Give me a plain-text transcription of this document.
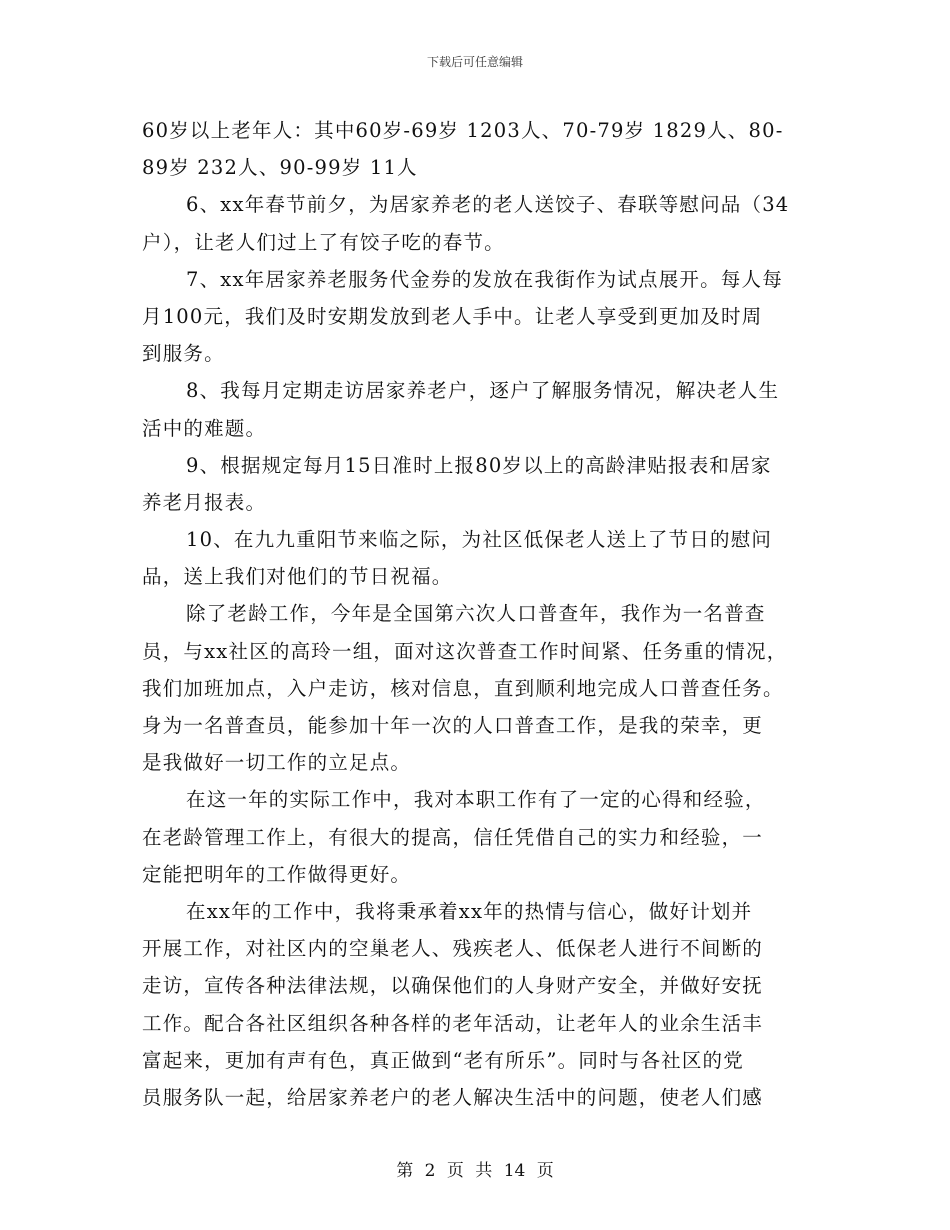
下载后可任意编辑
60岁以上老年人：其中60岁-69岁 1203人、70-79岁 1829人、80-
89岁 232人、90-99岁 11人
6、xx年春节前夕，为居家养老的老人送饺子、春联等慰问品（34
户），让老人们过上了有饺子吃的春节。
7、xx年居家养老服务代金券的发放在我街作为试点展开。每人每
月100元，我们及时安期发放到老人手中。让老人享受到更加及时周
到服务。
8、我每月定期走访居家养老户，逐户了解服务情况，解决老人生
活中的难题。
9、根据规定每月15日准时上报80岁以上的高龄津贴报表和居家
养老月报表。
10、在九九重阳节来临之际，为社区低保老人送上了节日的慰问
品，送上我们对他们的节日祝福。
除了老龄工作，今年是全国第六次人口普查年，我作为一名普查
员，与xx社区的高玲一组，面对这次普查工作时间紧、任务重的情况，
我们加班加点，入户走访，核对信息，直到顺利地完成人口普查任务。
身为一名普查员，能参加十年一次的人口普查工作，是我的荣幸，更
是我做好一切工作的立足点。
在这一年的实际工作中，我对本职工作有了一定的心得和经验，
在老龄管理工作上，有很大的提高，信任凭借自己的实力和经验，一
定能把明年的工作做得更好。
在xx年的工作中，我将秉承着xx年的热情与信心，做好计划并
开展工作，对社区内的空巢老人、残疾老人、低保老人进行不间断的
走访，宣传各种法律法规，以确保他们的人身财产安全，并做好安抚
工作。配合各社区组织各种各样的老年活动，让老年人的业余生活丰
富起来，更加有声有色，真正做到“老有所乐”。同时与各社区的党
员服务队一起，给居家养老户的老人解决生活中的问题，使老人们感
第 2 页 共 14 页
